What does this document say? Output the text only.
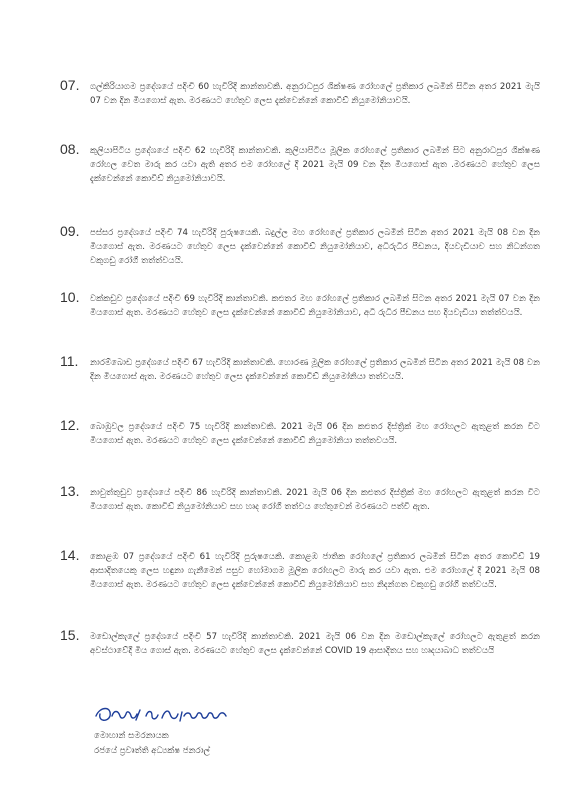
07. ගල්කිරියාගම ප්‍රදේශයේ පදිංචි 60 හැවිරිදි කාන්තාවකි. අනුරාධපුර ශික්ෂණ රෝහලේ ප්‍රතිකාර ලබමින් සිටින අතර 2021 මැයි 07 වන දින මියගොස් ඇත. මරණයට හේතුව ලෙස දැක්වෙන්නේ කොවිඩ් නියුමෝනියාවයි.
08. කුලියාපිටිය ප්‍රදේශයේ පදිංචි 62 හැවිරිදි කාන්තාවකි. කුලියාපිටිය මූලික රෝහලේ ප්‍රතිකාර ලබමින් සිට අනුරාධපුර ශික්ෂණ රෝහල වෙත මාරු කර යවා ඇති අතර එම රෝහලේ දී 2021 මැයි 09 වන දින මියගොස් ඇත .මරණයට හේතුව ලෙස දැක්වෙන්නේ කොවිඩ් නියුමෝනියාවයි.
09. පස්සර ප්‍රදේශයේ පදිංචි 74 හැවිරිදි පුරුෂයෙකි. බදුල්ල මහ රෝහලේ ප්‍රතිකාර ලබමින් සිටින අතර 2021 මැයි 08 වන දින මියගොස් ඇත. මරණයට හේතුව ලෙස දැක්වෙන්නේ කොවිඩ් නියුමෝනියාව, අධිරුධිර පීඩනය, දියවැඩියාව සහ නිධන්ගත වකුගඩු රෝගී තත්ත්වයයි.
10. වක්කඩුව ප්‍රදේශයේ පදිංචි 69 හැවිරිදි කාන්තාවකි. කළුතර මහ රෝහලේ ප්‍රතිකාර ලබමින් සිටන අතර 2021 මැයි 07 වන දින මියගොස් ඇත. මරණයට හේතුව ලෙස දැක්වෙන්නේ කොවිඩ් නියුමෝනියාව, අධි රුධිර පීඩනය සහ දියවැඩියා තත්ත්වයයි.
11. නාරම්බොඩ ප්‍රදේශයේ පදිංචි 67 හැවිරිදි කාන්තාවකි. හොරණ මූලික රෝහලේ ප්‍රතිකාර ලබමින් සිටින අතර 2021 මැයි 08 වන දින මියගොස් ඇත. මරණයට හේතුව ලෙස දැක්වෙන්නේ කොවිඩ් නියුමෝනියා තත්වයයි.
12. බොඹුවල ප්‍රදේශයේ පදිංචි 75 හැවිරිදි කාන්තාවකි. 2021 මැයි 06 දින කළුතර දිස්ත්‍රික් මහ රෝහලට ඇතුළත් කරන විට මියගොස් ඇත. මරණයට හේතුව ලෙස දැක්වෙන්නේ කොවිඩ් නියුමෝනියා තත්තවයයි.
13. නාවුත්තුඩුව ප්‍රදේශයේ පදිංචි 86 හැවිරිදි කාන්තාවකි. 2021 මැයි 06 දින කළුතර දිස්ත්‍රික් මහ රෝහලට ඇතුළත් කරන විට මියගොස් ඇත. කොවිඩ් නියුමෝනියාව සහ හෘද රෝගී තත්වය හේතුවෙන් මරණයට පත්වී ඇත.
14. කොළඹ 07 ප්‍රදේශයේ පදිංචි 61 හැවිරිදි පුරුෂයෙකි. කොළඹ ජාතික රෝහලේ ප්‍රතිකාර ලබමින් සිටින අතර කොවිඩ් 19 ආසාදිතයෙකු ලෙස හඳුනා ගැනීමෙන් පසුව හෝමාගම මූලික රෝහලට මාරු කර යවා ඇත. එම රෝහලේ දී 2021 මැයි 08 මියගොස් ඇත. මරණයට හේතුව ලෙස දැක්වෙන්නේ කොවිඩ් නියුමෝනියාව සහ නිදන්ගත වකුගඩු රෝගී තත්වයයි.
15. මඩොල්කැලේ ප්‍රදේශයේ පදිංචි 57 හැවිරිදි කාන්තාවකි. 2021 මැයි 06 වන දින මඩොල්කැලේ රෝහලට ඇතුළත් කරන අවස්ථාවේදී මිය ගොස් ඇත. මරණයට හේතුව ලෙස දැක්වෙන්නේ COVID 19 ආසාදිතය සහ හෘදයාබාධ තත්වයයි
මොහාන් සමරනායක
රජයේ ප්‍රවෘත්ති අධ්‍යක්ෂ ජනරාල්
